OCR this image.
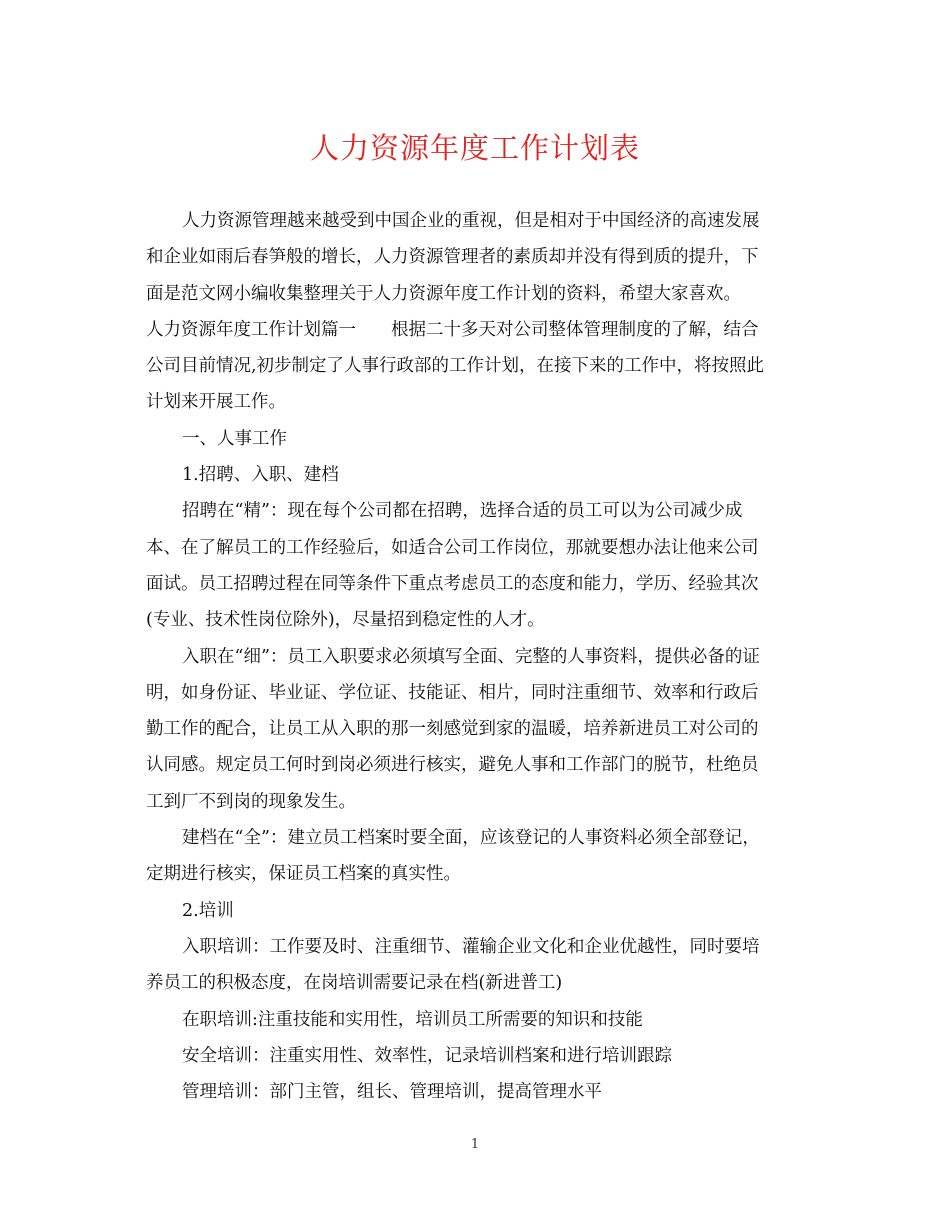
人力资源年度工作计划表
人力资源管理越来越受到中国企业的重视，但是相对于中国经济的高速发展
和企业如雨后春笋般的增长，人力资源管理者的素质却并没有得到质的提升，下
面是范文网小编收集整理关于人力资源年度工作计划的资料，希望大家喜欢。
人力资源年度工作计划篇一　　根据二十多天对公司整体管理制度的了解，结合
公司目前情况,初步制定了人事行政部的工作计划，在接下来的工作中，将按照此
计划来开展工作。
一、人事工作
1.招聘、入职、建档
招聘在“精”：现在每个公司都在招聘，选择合适的员工可以为公司减少成
本、在了解员工的工作经验后，如适合公司工作岗位，那就要想办法让他来公司
面试。员工招聘过程在同等条件下重点考虑员工的态度和能力，学历、经验其次
(专业、技术性岗位除外)，尽量招到稳定性的人才。
入职在“细”：员工入职要求必须填写全面、完整的人事资料，提供必备的证
明，如身份证、毕业证、学位证、技能证、相片，同时注重细节、效率和行政后
勤工作的配合，让员工从入职的那一刻感觉到家的温暖，培养新进员工对公司的
认同感。规定员工何时到岗必须进行核实，避免人事和工作部门的脱节，杜绝员
工到厂不到岗的现象发生。
建档在“全”：建立员工档案时要全面，应该登记的人事资料必须全部登记，
定期进行核实，保证员工档案的真实性。
2.培训
入职培训：工作要及时、注重细节、灌输企业文化和企业优越性，同时要培
养员工的积极态度，在岗培训需要记录在档(新进普工)
在职培训:注重技能和实用性，培训员工所需要的知识和技能
安全培训：注重实用性、效率性，记录培训档案和进行培训跟踪
管理培训：部门主管，组长、管理培训，提高管理水平
1
